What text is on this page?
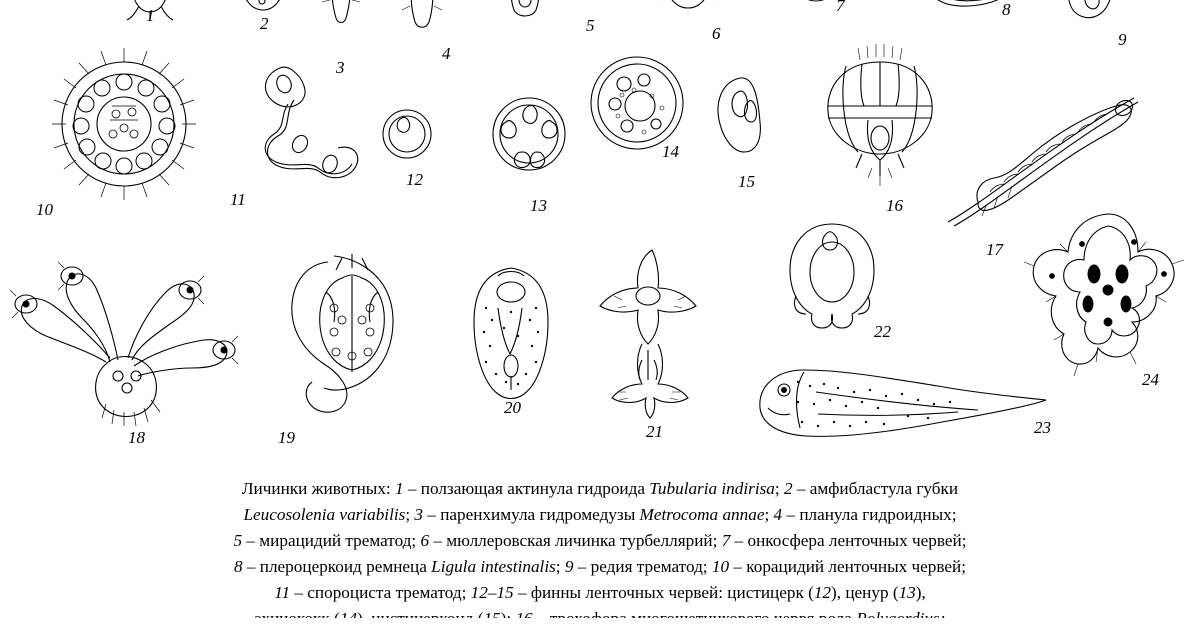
1	2
3
4
5	6
7	8
9
10
11
12
13
14
15
16
17
18	19
20
21
22
23
24
Личинки животных: 1 – ползающая актинула гидроида Tubularia indirisa; 2 – амфибластула губки
Leucosolenia variabilis; 3 – паренхимула гидромедузы Metrocoma annae; 4 – планула гидроидных;
5 – мирацидий трематод; 6 – мюллеровская личинка турбеллярий; 7 – онкосфера ленточных червей;
8 – плероцеркоид ремнеца Ligula intestinalis; 9 – редия трематод; 10 – корацидий ленточных червей;
11 – спороциста трематод; 12–15 – финны ленточных червей: цистицерк (12), ценур (13),
